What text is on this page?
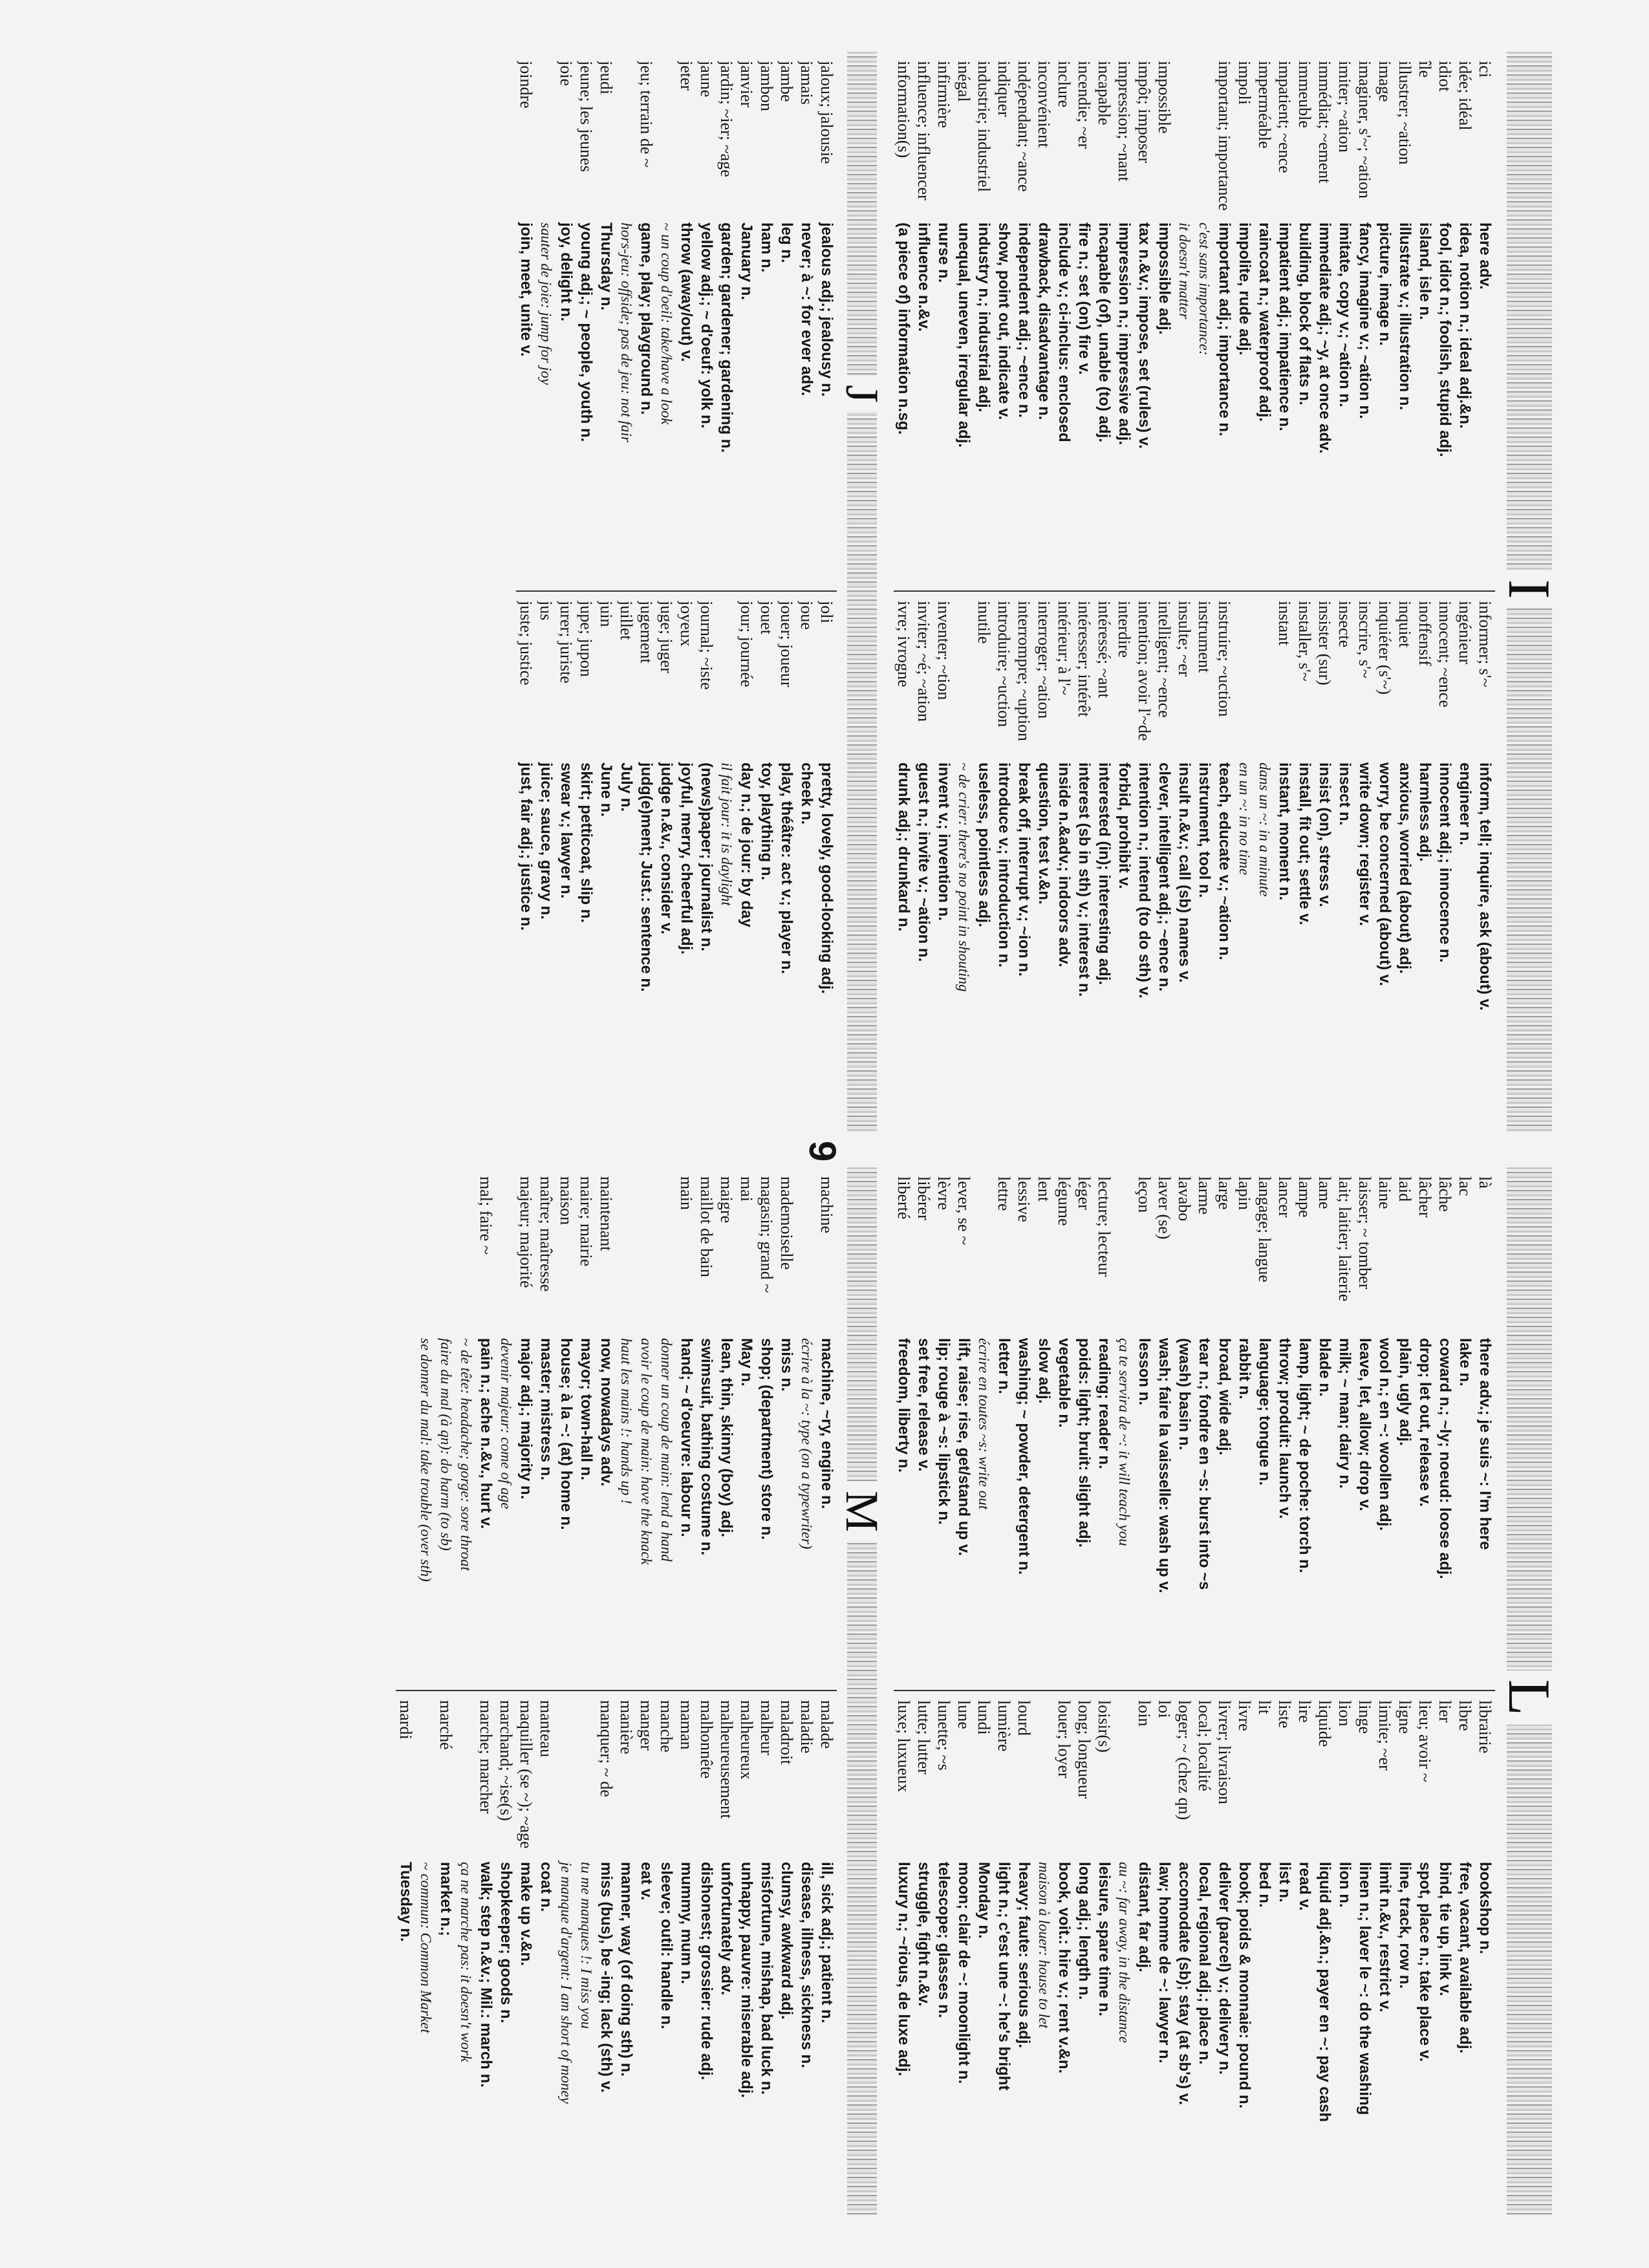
I
ici
here adv.
idée; idéal
idea, notion n.; ideal adj.&n.
idiot
fool, idiot n.; foolish, stupid adj.
île
island, isle n.
illustrer; ~ation
illustrate v.; illustration n.
image
picture, image n.
imaginer, s'~; ~ation
fancy, imagine v.; ~ation n.
imiter; ~ation
imitate, copy v.; ~ation n.
immédiat; ~ement
immediate adj.; ~y, at once adv.
immeuble
building, block of flats n.
impatient; ~ence
impatient adj.; impatience n.
imperméable
raincoat n.; waterproof adj.
impoli
impolite, rude adj.
important; importance
important adj.; importance n.
c'est sans importance:
it doesn't matter
impossible
impossible adj.
impôt; imposer
tax n.&v.; impose, set (rules) v.
impression; ~nant
impression n.; impressive adj.
incapable
incapable (of), unable (to) adj.
incendie; ~er
fire n.; set (on) fire v.
inclure
include v.; ci-inclus: enclosed
inconvénient
drawback, disadvantage n.
indépendant; ~ance
independent adj.; ~ence n.
indiquer
show, point out, indicate v.
industrie; industriel
industry n.; industrial adj.
inégal
unequal, uneven, irregular adj.
infirmière
nurse n.
influence; influencer
influence n.&v.
information(s)
(a piece of) information n.sg.
informer; s'~
inform, tell; inquire, ask (about) v.
ingénieur
engineer n.
innocent; ~ence
innocent adj.; innocence n.
inoffensif
harmless adj.
inquiet
anxious, worried (about) adj.
inquiéter (s'~)
worry, be concerned (about) v.
inscrire, s'~
write down; register v.
insecte
insect n.
insister (sur)
insist (on), stress v.
installer, s'~
install, fit out; settle v.
instant
instant, moment n.
dans un ~: in a minute
en un ~: in no time
instruire; ~uction
teach, educate v.; ~ation n.
instrument
instrument, tool n.
insulte; ~er
insult n.&v.; call (sb) names v.
intelligent; ~ence
clever, intelligent adj.; ~ence n.
intention; avoir l'~de
intention n.; intend (to do sth) v.
interdire
forbid, prohibit v.
intéressé; ~ant
interested (in); interesting adj.
intéresser; intérêt
interest (sb in sth) v.; interest n.
intérieur; à l'~
inside n.&adv.; indoors adv.
interroger; ~ation
question, test v.&n.
interrompre; ~uption
break off, interrupt v.; ~ion n.
introduire; ~uction
introduce v.; introduction n.
inutile
useless, pointless adj.
~ de crier: there's no point in shouting
inventer; ~tion
invent v.; invention n.
inviter; ~é; ~ation
guest n.; invite v.; ~ation n.
ivre; ivrogne
drunk adj.; drunkard n.
J
jaloux; jalousie
jealous adj.; jealousy n.
jamais
never; à ~: for ever adv.
jambe
leg n.
jambon
ham n.
janvier
January n.
jardin; ~ier; ~age
garden; gardener; gardening n.
jaune
yellow adj.; ~ d'oeuf: yolk n.
jeter
throw (away/out) v.
~ un coup d'oeil: take/have a look
jeu; terrain de ~
game, play; playground n.
hors-jeu: offside; pas de jeu: not fair
jeudi
Thursday n.
jeune; les jeunes
young adj.; ~ people, youth n.
joie
joy, delight n.
sauter de joie: jump for joy
joindre
join, meet, unite v.
joli
pretty, lovely, good-looking adj.
joue
cheek n.
jouer; joueur
play, théâtre: act v.; player n.
jouet
toy, plaything n.
jour; journée
day n.; de jour: by day
il fait jour: it is daylight
journal; ~iste
(news)paper; journalist n.
joyeux
joyful, merry, cheerful adj.
juge; juger
judge n.&v., consider v.
jugement
judg(e)ment; Just.: sentence n.
juillet
July n.
juin
June n.
jupe; jupon
skirt; petticoat, slip n.
jurer; juriste
swear v.; lawyer n.
jus
juice; sauce, gravy n.
juste; justice
just, fair adj.; justice n.
9
L
là
there adv.; je suis ~: I'm here
lac
lake n.
lâche
coward n.; ~ly; noeud: loose adj.
lâcher
drop; let out, release v.
laid
plain, ugly adj.
laine
wool n.; en ~: woollen adj.
laisser; ~ tomber
leave, let, allow; drop v.
lait; laitier; laiterie
milk; ~ man; dairy n.
lame
blade n.
lampe
lamp, light; ~ de poche: torch n.
lancer
throw; produit: launch v.
langage; langue
language; tongue n.
lapin
rabbit n.
large
broad, wide adj.
larme
tear n.; fondre en ~s: burst into ~s
lavabo
(wash) basin n.
laver (se)
wash; faire la vaisselle: wash up v.
leçon
lesson n.
ça te servira de ~: it will teach you
lecture; lecteur
reading; reader n.
léger
poids: light; bruit: slight adj.
légume
vegetable n.
lent
slow adj.
lessive
washing; ~ powder, detergent n.
lettre
letter n.
écrire en toutes ~s: write out
lever, se ~
lift, raise; rise, get/stand up v.
lèvre
lip; rouge à ~s: lipstick n.
libérer
set free, release v.
liberté
freedom, liberty n.
librairie
bookshop n.
libre
free, vacant, available adj.
lier
bind, tie up, link v.
lieu; avoir ~
spot, place n.; take place v.
ligne
line, track, row n.
limite; ~er
limit n.&v., restrict v.
linge
linen n.; laver le ~: do the washing
lion
lion n.
liquide
liquid adj.&n.; payer en ~: pay cash
lire
read v.
liste
list n.
lit
bed n.
livre
book; poids & monnaie: pound n.
livrer; livraison
deliver (parcel) v.; delivery n.
local; localité
local, regional adj.; place n.
loger; ~ (chez qn)
accomodate (sb); stay (at sb's) v.
loi
law; homme de ~: lawyer n.
loin
distant, far adj.
au ~: far away, in the distance
loisir(s)
leisure, spare time n.
long; longueur
long adj.; length n.
louer; loyer
book, voit.: hire v.; rent v.&n.
maison à louer: house to let
lourd
heavy; faute: serious adj.
lumière
light n.; c'est une ~: he's bright
lundi
Monday n.
lune
moon; clair de ~: moonlight n.
lunette; ~s
telescope; glasses n.
lutte; lutter
struggle, fight n.&v.
luxe; luxueux
luxury n.; ~rious, de luxe adj.
M
machine
machine, ~ry, engine n.
écrire à la ~: type (on a typewriter)
mademoiselle
miss n.
magasin; grand ~
shop; (department) store n.
mai
May n.
maigre
lean, thin, skinny (boy) adj.
maillot de bain
swimsuit, bathing costume n.
main
hand; ~ d'oeuvre: labour n.
donner un coup de main: lend a hand
avoir le coup de main: have the knack
haut les mains !: hands up !
maintenant
now, nowadays adv.
maire; mairie
mayor; town-hall n.
maison
house; à la ~: (at) home n.
maître; maîtresse
master; mistress n.
majeur; majorité
major adj.; majority n.
devenir majeur: come of age
mal; faire ~
pain n.; ache n.&v., hurt v.
~ de tête: headache; gorge: sore throat
faire du mal (à qn): do harm (to sb)
se donner du mal: take trouble (over sth)
malade
ill, sick adj.; patient n.
maladie
disease, illness, sickness n.
maladroit
clumsy, awkward adj.
malheur
misfortune, mishap, bad luck n.
malheureux
unhappy, pauvre: miserable adj.
malheureusement
unfortunately adv.
malhonnête
dishonest; grossier: rude adj.
maman
mummy, mum n.
manche
sleeve; outil: handle n.
manger
eat v.
manière
manner, way (of doing sth) n.
manquer; ~ de
miss (bus), be -ing; lack (sth) v.
tu me manques !: I miss you
je manque d'argent: I am short of money
manteau
coat n.
maquiller (se ~); ~age
make up v.&n.
marchand; ~ise(s)
shopkeeper; goods n.
marche; marcher
walk; step n.&v.; Mil.: march n.
ça ne marche pas: it doesn't work
marché
market n.;
~ commun: Common Market
mardi
Tuesday n.
